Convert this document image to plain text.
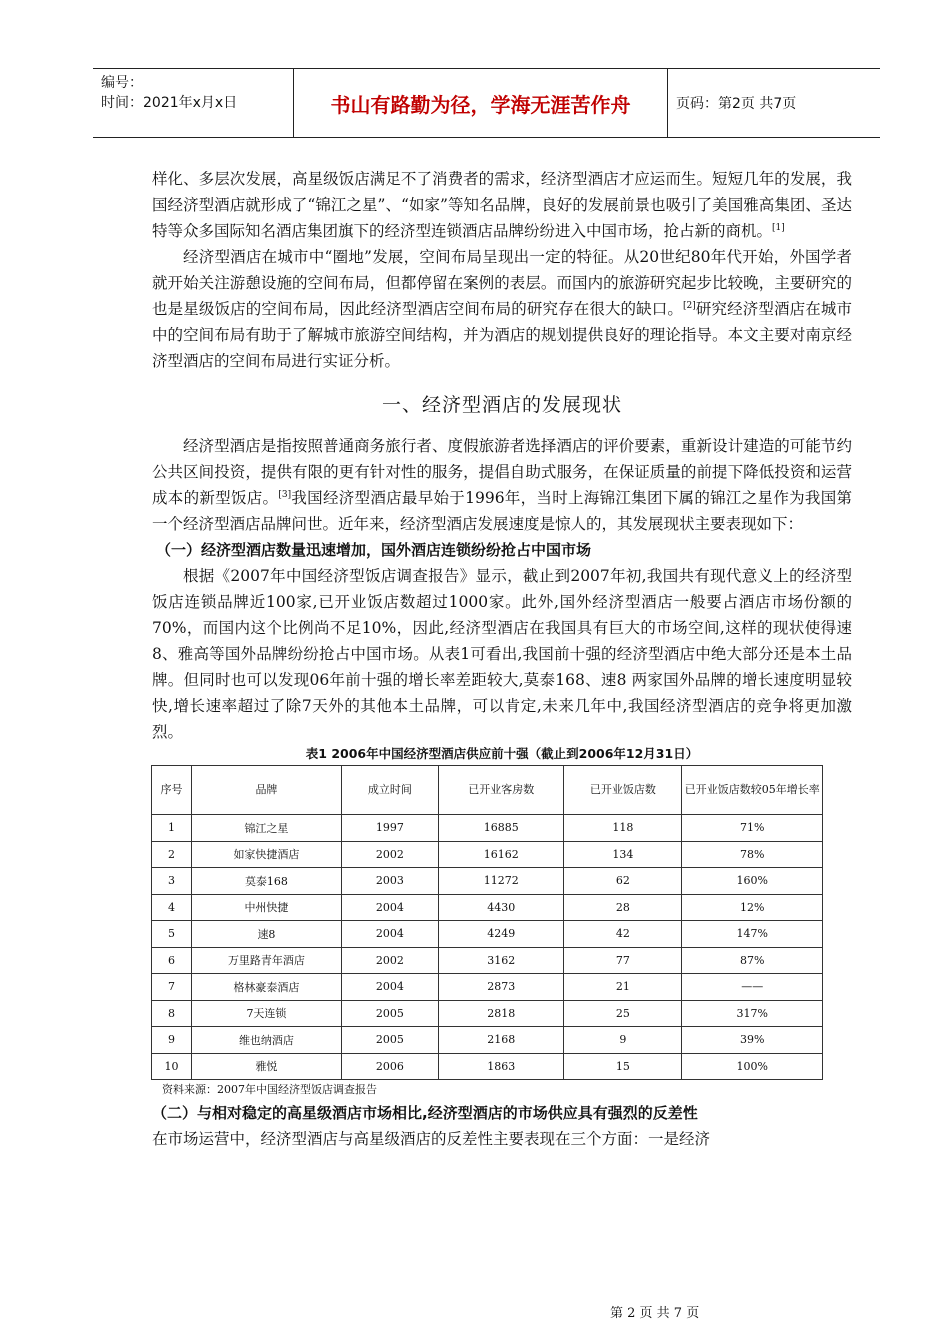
编号：
时间：2021年x月x日	书山有路勤为径，学海无涯苦作舟	页码：第2页 共7页

样化、多层次发展，高星级饭店满足不了消费者的需求，经济型酒店才应运而生。短短几年的发展，我国经济型酒店就形成了“锦江之星”、“如家”等知名品牌，良好的发展前景也吸引了美国雅高集团、圣达特等众多国际知名酒店集团旗下的经济型连锁酒店品牌纷纷进入中国市场，抢占新的商机。[1]

经济型酒店在城市中“圈地”发展，空间布局呈现出一定的特征。从20世纪80年代开始，外国学者就开始关注游憩设施的空间布局，但都停留在案例的表层。而国内的旅游研究起步比较晚，主要研究的也是星级饭店的空间布局，因此经济型酒店空间布局的研究存在很大的缺口。[2]研究经济型酒店在城市中的空间布局有助于了解城市旅游空间结构，并为酒店的规划提供良好的理论指导。本文主要对南京经济型酒店的空间布局进行实证分析。

一、经济型酒店的发展现状

经济型酒店是指按照普通商务旅行者、度假旅游者选择酒店的评价要素，重新设计建造的可能节约公共区间投资，提供有限的更有针对性的服务，提倡自助式服务，在保证质量的前提下降低投资和运营成本的新型饭店。[3]我国经济型酒店最早始于1996年，当时上海锦江集团下属的锦江之星作为我国第一个经济型酒店品牌问世。近年来，经济型酒店发展速度是惊人的，其发展现状主要表现如下：

（一）经济型酒店数量迅速增加，国外酒店连锁纷纷抢占中国市场

根据《2007年中国经济型饭店调查报告》显示，截止到2007年初,我国共有现代意义上的经济型饭店连锁品牌近100家,已开业饭店数超过1000家。此外,国外经济型酒店一般要占酒店市场份额的70%，而国内这个比例尚不足10%，因此,经济型酒店在我国具有巨大的市场空间,这样的现状使得速8、雅高等国外品牌纷纷抢占中国市场。从表1可看出,我国前十强的经济型酒店中绝大部分还是本土品牌。但同时也可以发现06年前十强的增长率差距较大,莫泰168、速8 两家国外品牌的增长速度明显较快,增长速率超过了除7天外的其他本土品牌，可以肯定,未来几年中,我国经济型酒店的竞争将更加激烈。

表1 2006年中国经济型酒店供应前十强（截止到2006年12月31日）
序号	品牌	成立时间	已开业客房数	已开业饭店数	已开业饭店数较05年增长率
1	锦江之星	1997	16885	118	71%
2	如家快捷酒店	2002	16162	134	78%
3	莫泰168	2003	11272	62	160%
4	中州快捷	2004	4430	28	12%
5	速8	2004	4249	42	147%
6	万里路青年酒店	2002	3162	77	87%
7	格林豪泰酒店	2004	2873	21	——
8	7天连锁	2005	2818	25	317%
9	维也纳酒店	2005	2168	9	39%
10	雅悦	2006	1863	15	100%
资料来源：2007年中国经济型饭店调查报告
（二）与相对稳定的高星级酒店市场相比,经济型酒店的市场供应具有强烈的反差性

在市场运营中，经济型酒店与高星级酒店的反差性主要表现在三个方面：一是经济

第 2 页 共 7 页
